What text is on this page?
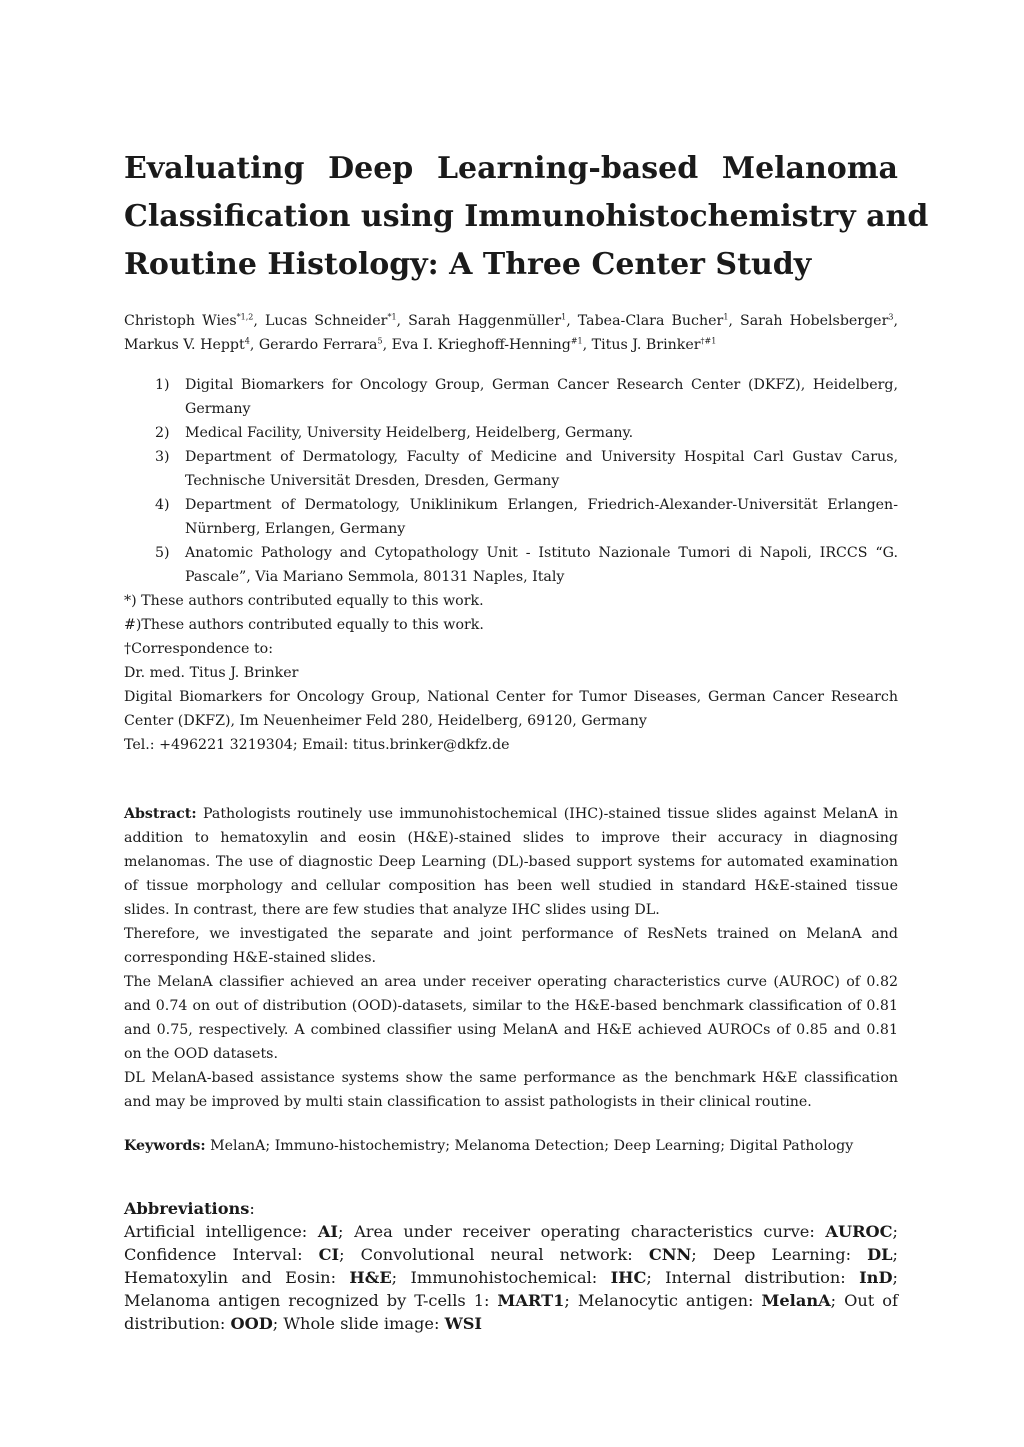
Evaluating Deep Learning-based Melanoma
Classification using Immunohistochemistry and
Routine Histology: A Three Center Study
Christoph Wies$^{*1,2}$, Lucas Schneider$^{*1}$, Sarah Haggenmüller$^1$, Tabea-Clara Bucher$^1$, Sarah Hobelsberger$^3$, Markus V. Heppt$^4$, Gerardo Ferrara$^5$, Eva I. Krieghoff-Henning$^{\#1}$, Titus J. Brinker$^{\dagger\#1}$
1)	Digital Biomarkers for Oncology Group, German Cancer Research Center (DKFZ), Heidelberg, Germany
2)	Medical Facility, University Heidelberg, Heidelberg, Germany.
3)	Department of Dermatology, Faculty of Medicine and University Hospital Carl Gustav Carus, Technische Universität Dresden, Dresden, Germany
4)	Department of Dermatology, Uniklinikum Erlangen, Friedrich-Alexander-Universität Erlangen-Nürnberg, Erlangen, Germany
5)	Anatomic Pathology and Cytopathology Unit - Istituto Nazionale Tumori di Napoli, IRCCS “G. Pascale”, Via Mariano Semmola, 80131 Naples, Italy
*) These authors contributed equally to this work.
#)These authors contributed equally to this work.
†Correspondence to:
Dr. med. Titus J. Brinker
Digital Biomarkers for Oncology Group, National Center for Tumor Diseases, German Cancer Research Center (DKFZ), Im Neuenheimer Feld 280, Heidelberg, 69120, Germany
Tel.: +496221 3219304; Email: titus.brinker@dkfz.de

Abstract: Pathologists routinely use immunohistochemical (IHC)-stained tissue slides against MelanA in addition to hematoxylin and eosin (H&E)-stained slides to improve their accuracy in diagnosing melanomas. The use of diagnostic Deep Learning (DL)-based support systems for automated examination of tissue morphology and cellular composition has been well studied in standard H&E-stained tissue slides. In contrast, there are few studies that analyze IHC slides using DL.

Therefore, we investigated the separate and joint performance of ResNets trained on MelanA and corresponding H&E-stained slides.

The MelanA classifier achieved an area under receiver operating characteristics curve (AUROC) of 0.82 and 0.74 on out of distribution (OOD)-datasets, similar to the H&E-based benchmark classification of 0.81 and 0.75, respectively. A combined classifier using MelanA and H&E achieved AUROCs of 0.85 and 0.81 on the OOD datasets.

DL MelanA-based assistance systems show the same performance as the benchmark H&E classification and may be improved by multi stain classification to assist pathologists in their clinical routine.

Keywords: MelanA; Immuno-histochemistry; Melanoma Detection; Deep Learning; Digital Pathology
Abbreviations:
Artificial intelligence: AI; Area under receiver operating characteristics curve: AUROC; Confidence Interval: CI; Convolutional neural network: CNN; Deep Learning: DL; Hematoxylin and Eosin: H&E; Immunohistochemical: IHC; Internal distribution: InD; Melanoma antigen recognized by T-cells 1: MART1; Melanocytic antigen: MelanA; Out of distribution: OOD; Whole slide image: WSI
